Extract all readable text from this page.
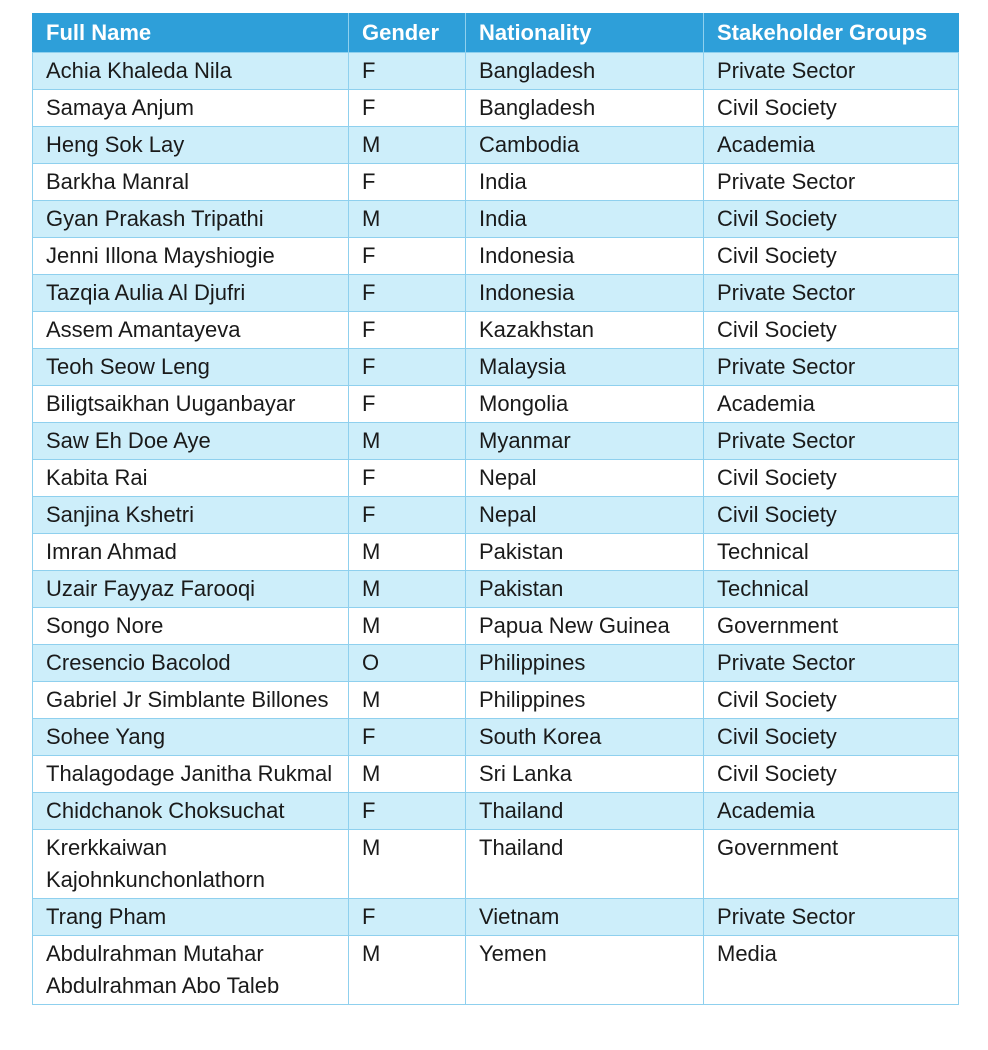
Full Name	Gender	Nationality	Stakeholder Groups
Achia Khaleda Nila	F	Bangladesh	Private Sector
Samaya Anjum	F	Bangladesh	Civil Society
Heng Sok Lay	M	Cambodia	Academia
Barkha Manral	F	India	Private Sector
Gyan Prakash Tripathi	M	India	Civil Society
Jenni Illona Mayshiogie	F	Indonesia	Civil Society
Tazqia Aulia Al Djufri	F	Indonesia	Private Sector
Assem Amantayeva	F	Kazakhstan	Civil Society
Teoh Seow Leng	F	Malaysia	Private Sector
Biligtsaikhan Uuganbayar	F	Mongolia	Academia
Saw Eh Doe Aye	M	Myanmar	Private Sector
Kabita Rai	F	Nepal	Civil Society
Sanjina Kshetri	F	Nepal	Civil Society
Imran Ahmad	M	Pakistan	Technical
Uzair Fayyaz Farooqi	M	Pakistan	Technical
Songo Nore	M	Papua New Guinea	Government
Cresencio Bacolod	O	Philippines	Private Sector
Gabriel Jr Simblante Billones	M	Philippines	Civil Society
Sohee Yang	F	South Korea	Civil Society
Thalagodage Janitha Rukmal	M	Sri Lanka	Civil Society
Chidchanok Choksuchat	F	Thailand	Academia
Krerkkaiwan Kajohnkunchonlathorn	M	Thailand	Government
Trang Pham	F	Vietnam	Private Sector
Abdulrahman Mutahar Abdulrahman Abo Taleb	M	Yemen	Media
